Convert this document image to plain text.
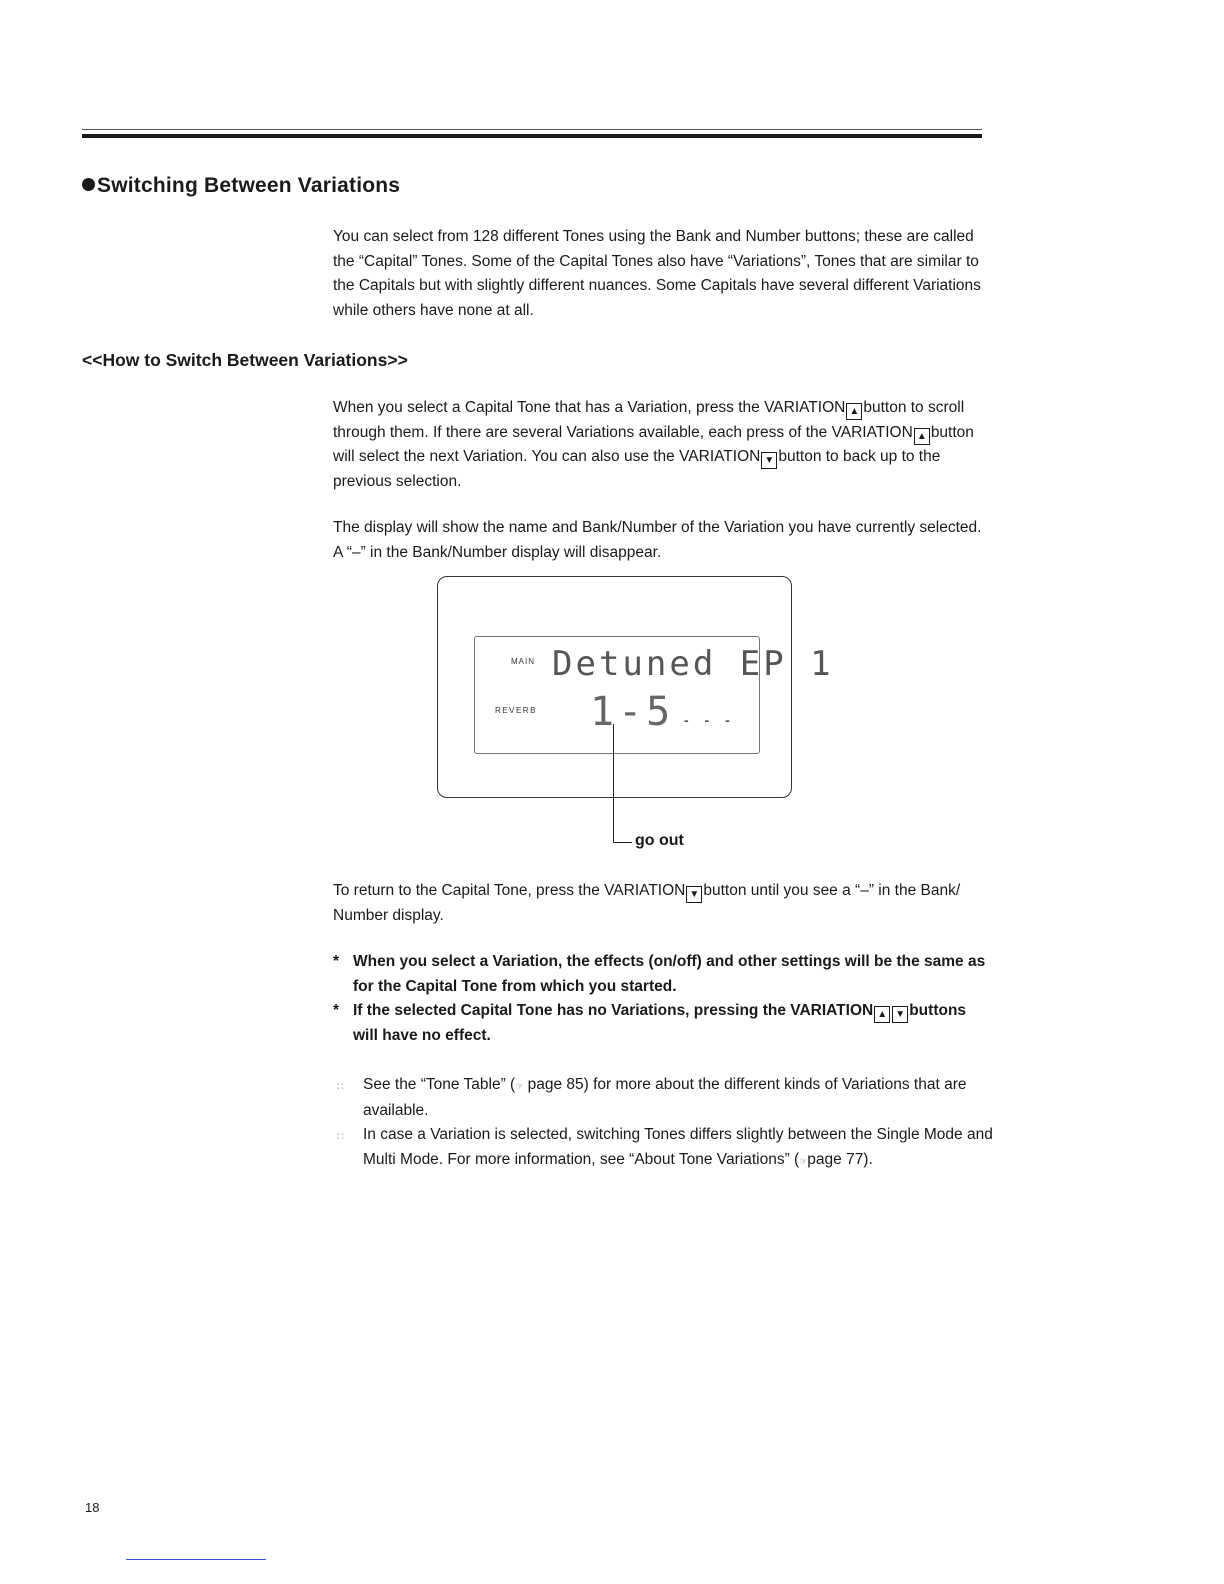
Switching Between Variations

You can select from 128 different Tones using the Bank and Number buttons; these are called the “Capital” Tones. Some of the Capital Tones also have “Variations”, Tones that are similar to the Capitals but with slightly different nuances. Some Capitals have several different Variations while others have none at all.

<<How to Switch Between Variations>>

When you select a Capital Tone that has a Variation, press the VARIATION ▲ button to scroll through them. If there are several Variations available, each press of the VARIATION ▲ button will select the next Variation. You can also use the VARIATION ▼ button to back up to the previous selection.

The display will show the name and Bank/Number of the Variation you have currently selected. A “–” in the Bank/Number display will disappear.

MAIN Detuned EP 1
REVERB 1-5 - - -
go out

To return to the Capital Tone, press the VARIATION ▼ button until you see a “–” in the Bank/ Number display.

* When you select a Variation, the effects (on/off) and other settings will be the same as for the Capital Tone from which you started.
* If the selected Capital Tone has no Variations, pressing the VARIATION ▲ ▼ buttons will have no effect.
∷ See the “Tone Table” (☞ page 85) for more about the different kinds of Variations that are available.
∷ In case a Variation is selected, switching Tones differs slightly between the Single Mode and Multi Mode. For more information, see “About Tone Variations” (☞page 77).
18
